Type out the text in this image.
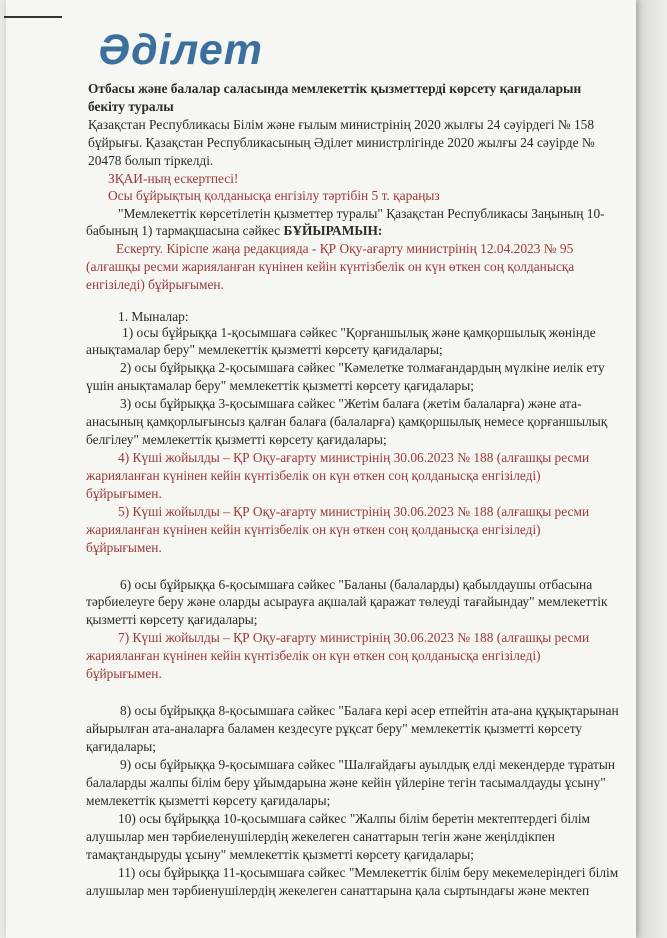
Әділет
Отбасы және балалар саласында мемлекеттік қызметтерді көрсету қағидаларын
бекіту туралы
Қазақстан Республикасы Білім және ғылым министрінің 2020 жылғы 24 сәуірдегі № 158
бұйрығы. Қазақстан Республикасының Әділет министрлігінде 2020 жылғы 24 сәуірде №
20478 болып тіркелді.
ЗҚАИ-ның ескертпесі!
Осы бұйрықтың қолданысқа енгізілу тәртібін 5 т. қараңыз
"Мемлекеттік көрсетілетін қызметтер туралы" Қазақстан Республикасы Заңының 10-
бабының 1) тармақшасына сәйкес БҰЙЫРАМЫН:
Ескерту. Кіріспе жаңа редакцияда - ҚР Оқу-ағарту министрінің 12.04.2023 № 95
(алғашқы ресми жарияланған күнінен кейін күнтізбелік он күн өткен соң қолданысқа
енгізіледі) бұйрығымен.
1. Мыналар:
1) осы бұйрыққа 1-қосымшаға сәйкес "Қорғаншылық және қамқоршылық жөнінде
анықтамалар беру" мемлекеттік қызметті көрсету қағидалары;
2) осы бұйрыққа 2-қосымшаға сәйкес "Кәмелетке толмағандардың мүлкіне иелік ету
үшін анықтамалар беру" мемлекеттік қызметті көрсету қағидалары;
3) осы бұйрыққа 3-қосымшаға сәйкес "Жетім балаға (жетім балаларға) және ата-
анасының қамқорлығынсыз қалған балаға (балаларға) қамқоршылық немесе қорғаншылық
белгілеу" мемлекеттік қызметті көрсету қағидалары;
4) Күші жойылды – ҚР Оқу-ағарту министрінің 30.06.2023 № 188 (алғашқы ресми
жарияланған күнінен кейін күнтізбелік он күн өткен соң қолданысқа енгізіледі)
бұйрығымен.
5) Күші жойылды – ҚР Оқу-ағарту министрінің 30.06.2023 № 188 (алғашқы ресми
жарияланған күнінен кейін күнтізбелік он күн өткен соң қолданысқа енгізіледі)
бұйрығымен.
6) осы бұйрыққа 6-қосымшаға сәйкес "Баланы (балаларды) қабылдаушы отбасына
тәрбиелеуге беру және оларды асырауға ақшалай қаражат төлеуді тағайындау" мемлекеттік
қызметті көрсету қағидалары;
7) Күші жойылды – ҚР Оқу-ағарту министрінің 30.06.2023 № 188 (алғашқы ресми
жарияланған күнінен кейін күнтізбелік он күн өткен соң қолданысқа енгізіледі)
бұйрығымен.
8) осы бұйрыққа 8-қосымшаға сәйкес "Балаға кері әсер етпейтін ата-ана құқықтарынан
айырылған ата-аналарға баламен кездесуге рұқсат беру" мемлекеттік қызметті көрсету
қағидалары;
9) осы бұйрыққа 9-қосымшаға сәйкес "Шалғайдағы ауылдық елді мекендерде тұратын
балаларды жалпы білім беру ұйымдарына және кейін үйлеріне тегін тасымалдауды ұсыну"
мемлекеттік қызметті көрсету қағидалары;
10) осы бұйрыққа 10-қосымшаға сәйкес "Жалпы білім беретін мектептердегі білім
алушылар мен тәрбиеленушілердің жекелеген санаттарын тегін және жеңілдікпен
тамақтандыруды ұсыну" мемлекеттік қызметті көрсету қағидалары;
11) осы бұйрыққа 11-қосымшаға сәйкес "Мемлекеттік білім беру мекемелеріндегі білім
алушылар мен тәрбиенушілердің жекелеген санаттарына қала сыртындағы және мектеп
